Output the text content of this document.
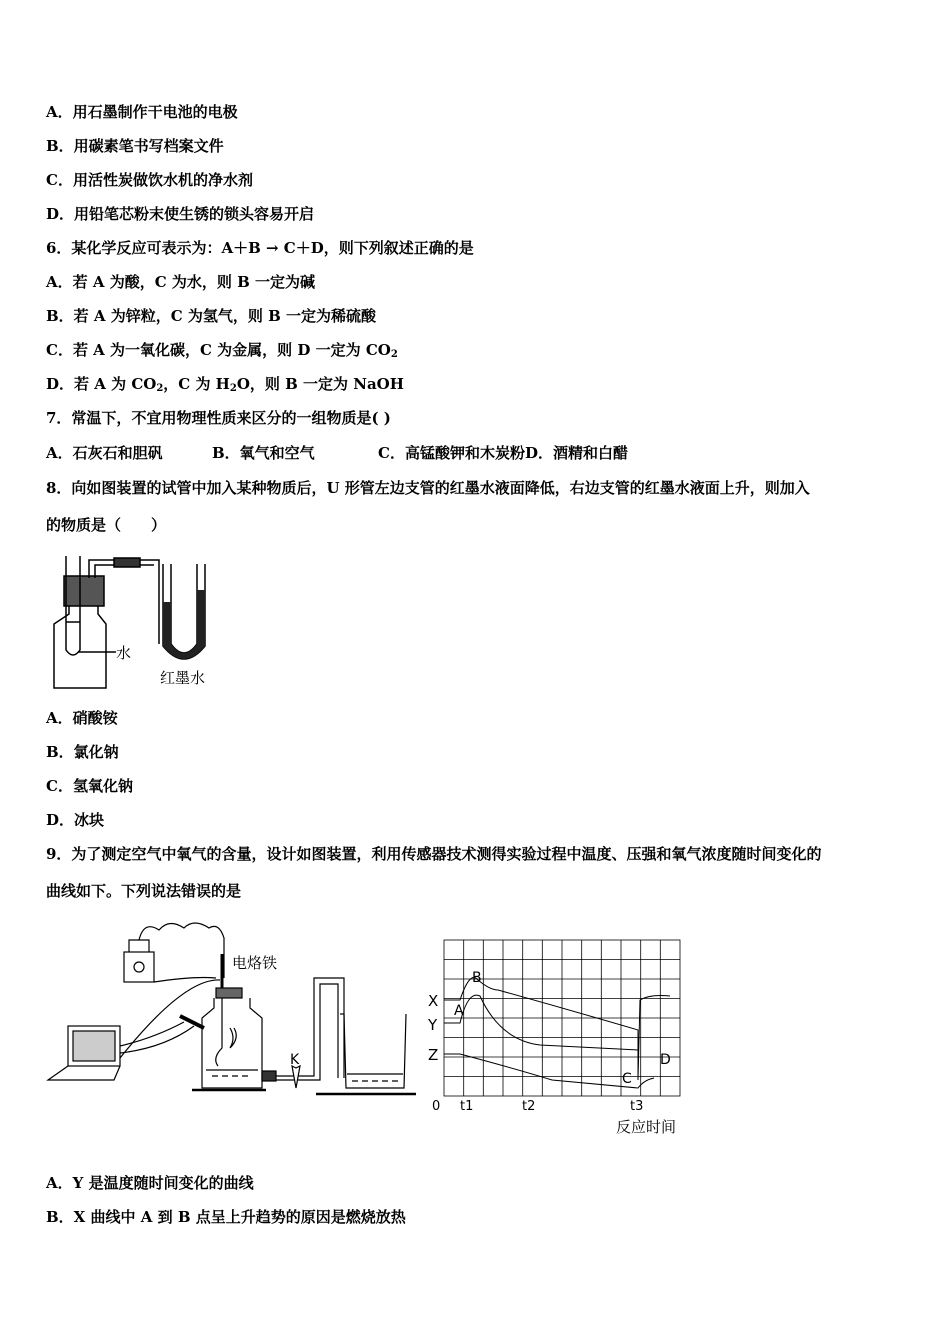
A．用石墨制作干电池的电极
B．用碳素笔书写档案文件
C．用活性炭做饮水机的净水剂
D．用铅笔芯粉末使生锈的锁头容易开启
6．某化学反应可表示为：A＋B → C＋D，则下列叙述正确的是
A．若 A 为酸，C 为水，则 B 一定为碱
B．若 A 为锌粒，C 为氢气，则 B 一定为稀硫酸
C．若 A 为一氧化碳，C 为金属，则 D 一定为 $CO_2$
D．若 A 为 $CO_2$，C 为 $H_2O$，则 B 一定为 NaOH
7．常温下，不宜用物理性质来区分的一组物质是( )
A．石灰石和胆矾	B．氧气和空气	C．高锰酸钾和木炭粉D．酒精和白醋
8．向如图装置的试管中加入某种物质后，U 形管左边支管的红墨水液面降低，右边支管的红墨水液面上升，则加入
的物质是（　　）
水
红墨水
A．硝酸铵
B．氯化钠
C．氢氧化钠
D．冰块
9．为了测定空气中氧气的含量，设计如图装置，利用传感器技术测得实验过程中温度、压强和氧气浓度随时间变化的
曲线如下。下列说法错误的是
电烙铁
K
X
Y
Z
A
B
C
D
0 t1	t2	t3
反应时间
A．Y 是温度随时间变化的曲线
B．X 曲线中 A 到 B 点呈上升趋势的原因是燃烧放热
